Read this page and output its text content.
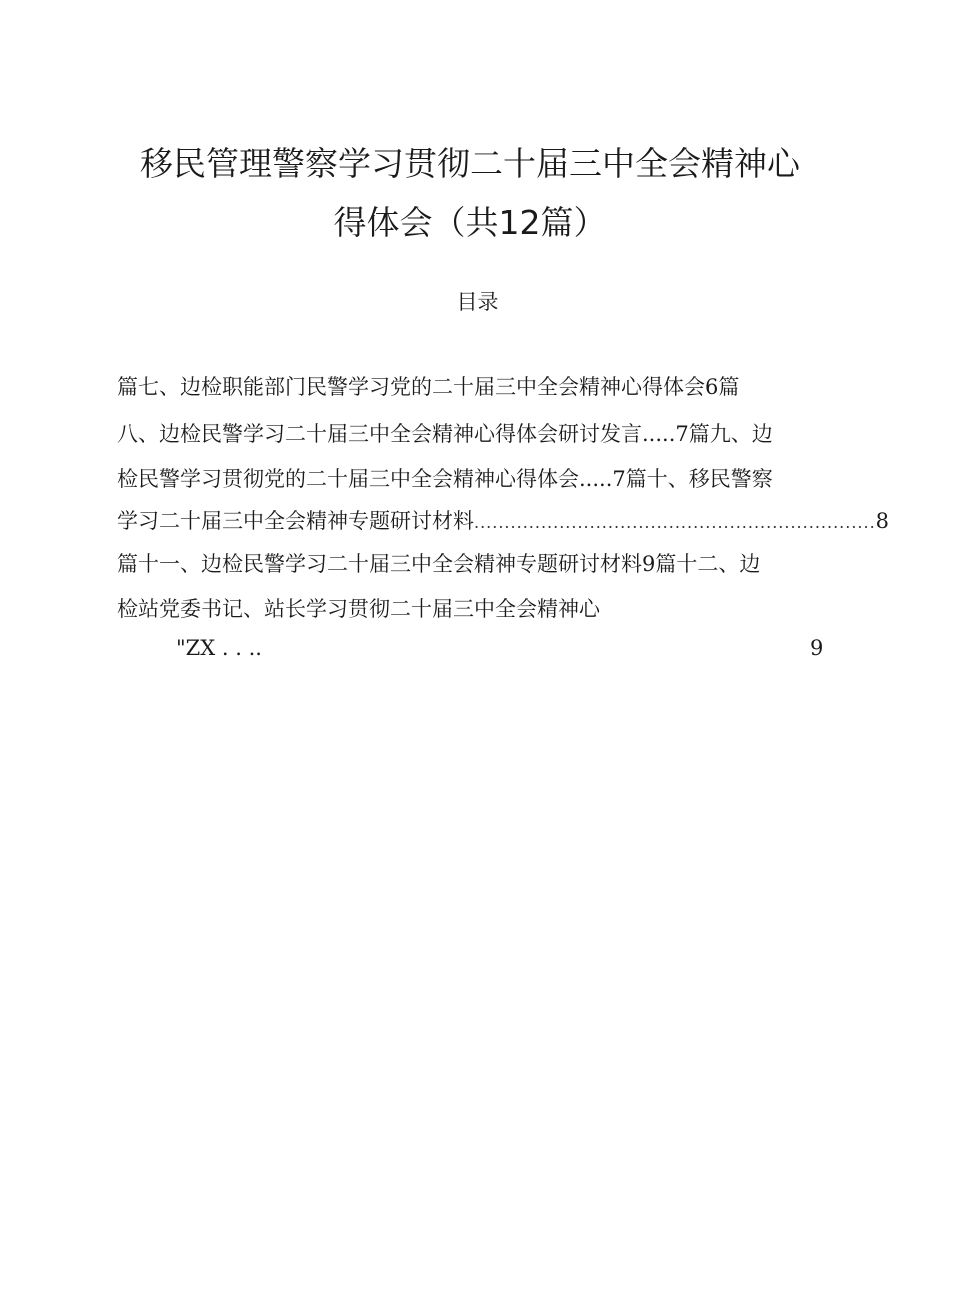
移民管理警察学习贯彻二十届三中全会精神心
得体会（共12篇）
目录
篇七、边检职能部门民警学习党的二十届三中全会精神心得体会6篇
八、边检民警学习二十届三中全会精神心得体会研讨发言.....7篇九、边
检民警学习贯彻党的二十届三中全会精神心得体会.....7篇十、移民警察
学习二十届三中全会精神专题研讨材料 .................................................................. 8
篇十一、边检民警学习二十届三中全会精神专题研讨材料9篇十二、边
检站党委书记、站长学习贯彻二十届三中全会精神心
"ZX . . ..	9
